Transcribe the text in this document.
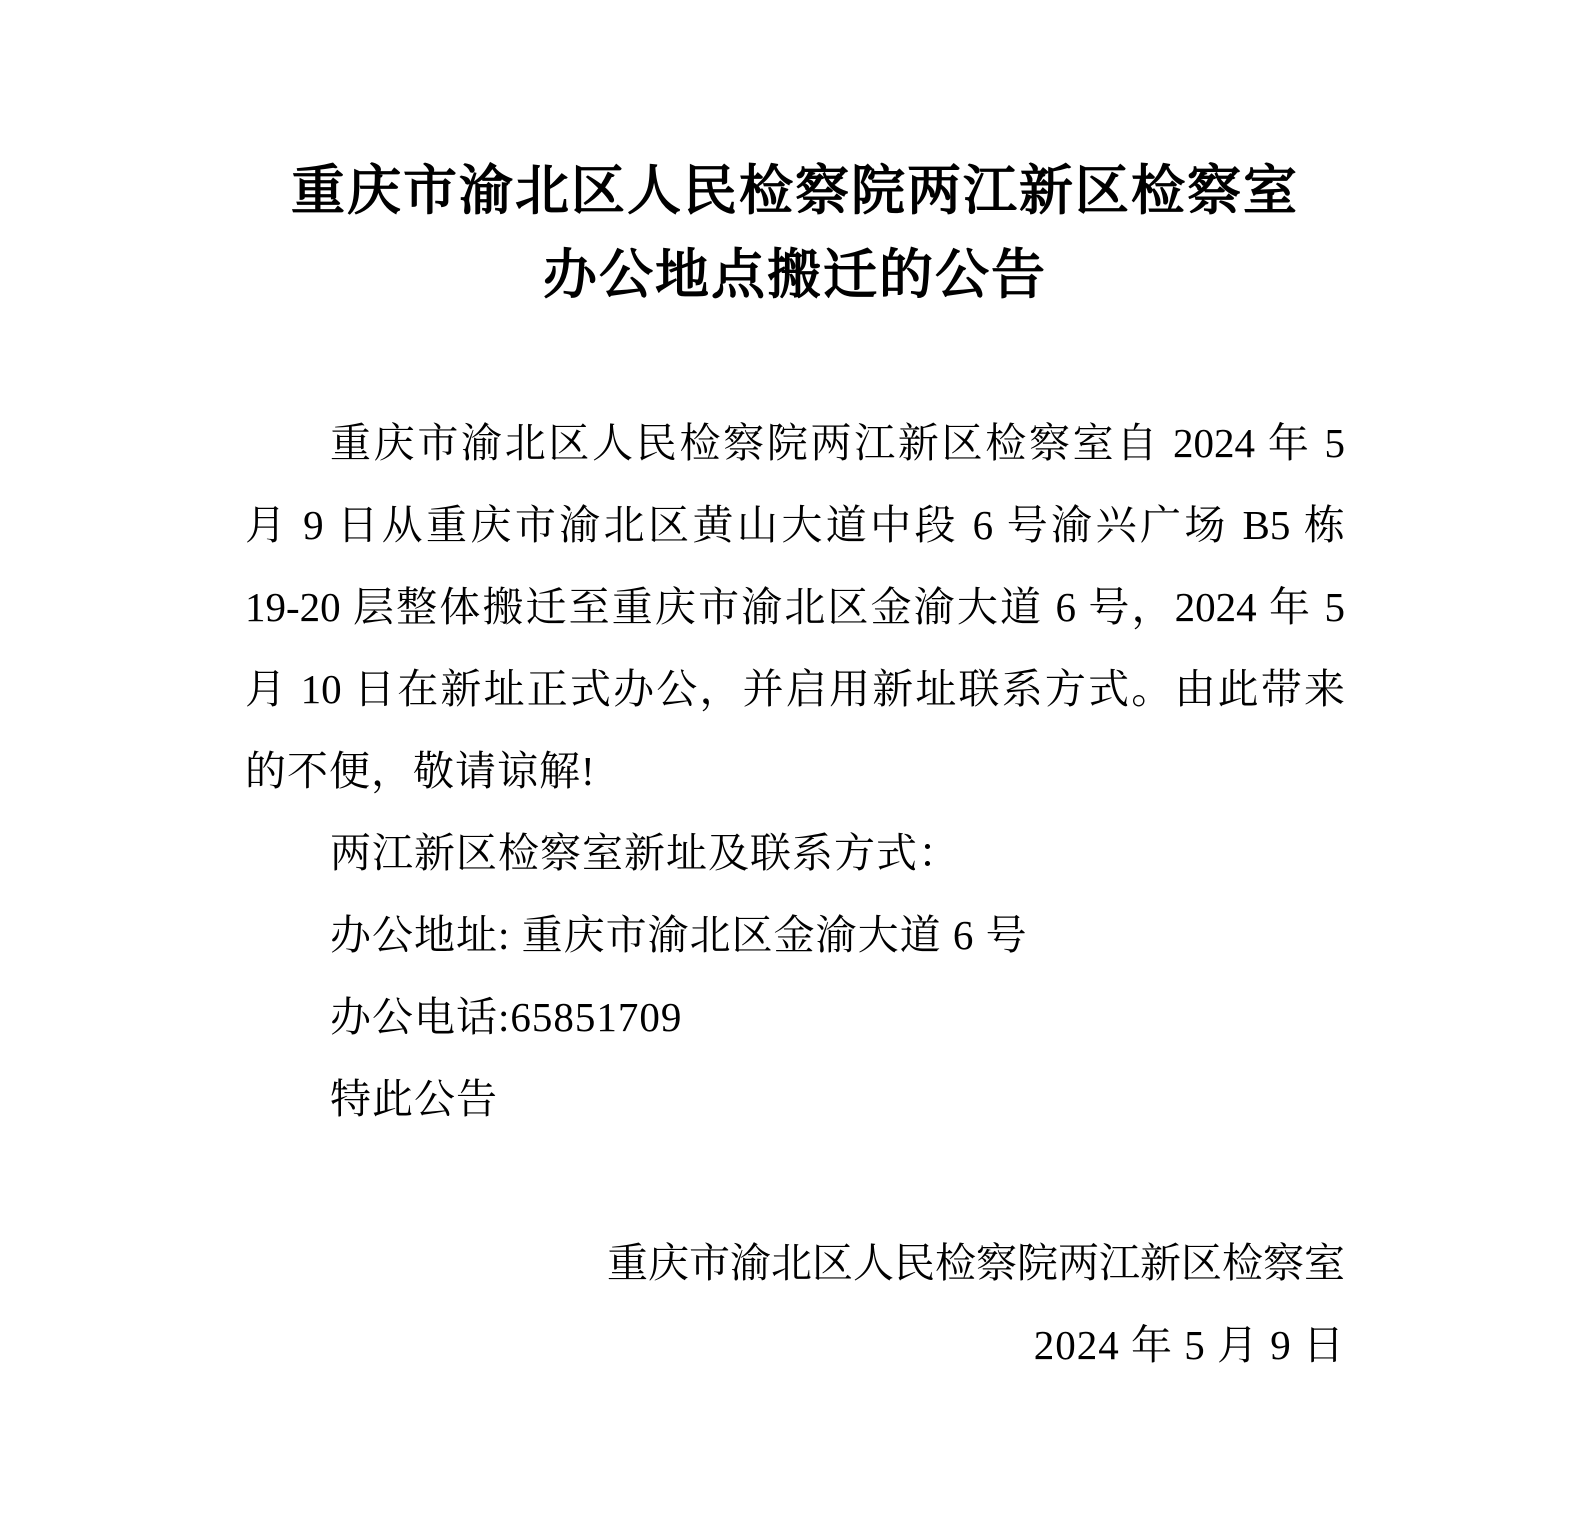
重庆市渝北区人民检察院两江新区检察室
办公地点搬迁的公告
重庆市渝北区人民检察院两江新区检察室自 2024 年 5
月 9 日从重庆市渝北区黄山大道中段 6 号渝兴广场 B5 栋
19-20 层整体搬迁至重庆市渝北区金渝大道 6 号，2024 年 5
月 10 日在新址正式办公，并启用新址联系方式。由此带来
的不便，敬请谅解!
两江新区检察室新址及联系方式：
办公地址: 重庆市渝北区金渝大道 6 号
办公电话:65851709
特此公告
重庆市渝北区人民检察院两江新区检察室
2024 年 5 月 9 日
